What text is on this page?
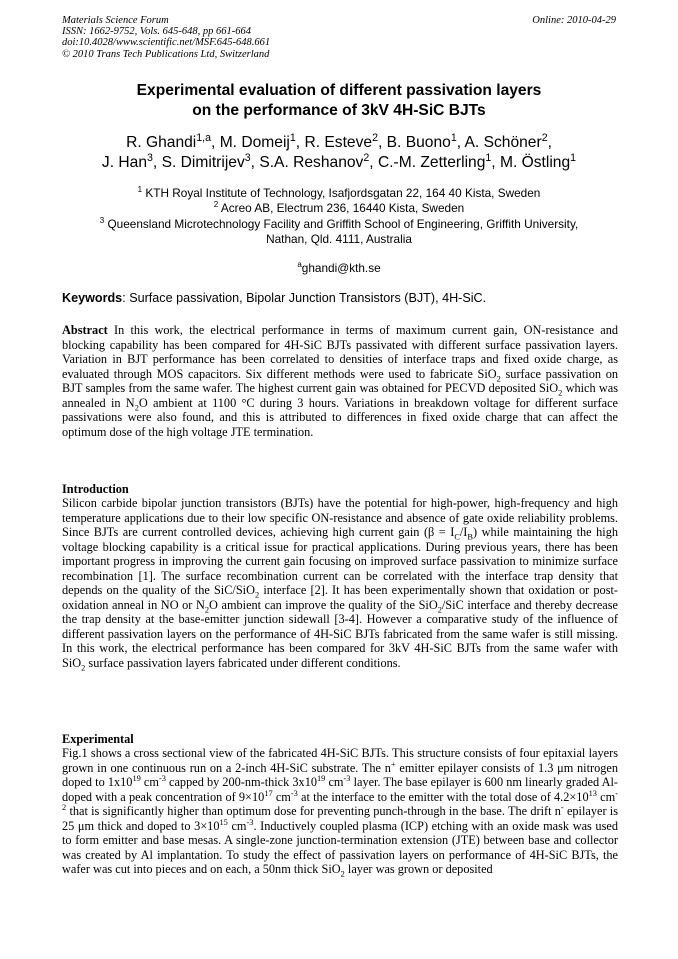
Materials Science Forum
ISSN: 1662-9752, Vols. 645-648, pp 661-664
doi:10.4028/www.scientific.net/MSF.645-648.661
© 2010 Trans Tech Publications Ltd, Switzerland
Online: 2010-04-29
Experimental evaluation of different passivation layers
on the performance of 3kV 4H-SiC BJTs
R. Ghandi$^{1,a}$, M. Domeij$^1$, R. Esteve$^2$, B. Buono$^1$, A. Schöner$^2$,
J. Han$^3$, S. Dimitrijev$^3$, S.A. Reshanov$^2$, C.-M. Zetterling$^1$, M. Östling$^1$
$^1$ KTH Royal Institute of Technology, Isafjordsgatan 22, 164 40 Kista, Sweden
$^2$ Acreo AB, Electrum 236, 16440 Kista, Sweden
$^3$ Queensland Microtechnology Facility and Griffith School of Engineering, Griffith University,
Nathan, Qld. 4111, Australia
$^a$ghandi@kth.se
Keywords: Surface passivation, Bipolar Junction Transistors (BJT), 4H-SiC.

Abstract In this work, the electrical performance in terms of maximum current gain, ON-resistance and blocking capability has been compared for 4H-SiC BJTs passivated with different surface passivation layers. Variation in BJT performance has been correlated to densities of interface traps and fixed oxide charge, as evaluated through MOS capacitors. Six different methods were used to fabricate SiO$_2$ surface passivation on BJT samples from the same wafer. The highest current gain was obtained for PECVD deposited SiO$_2$ which was annealed in $N_2O$ ambient at 1100 °C during 3 hours. Variations in breakdown voltage for different surface passivations were also found, and this is attributed to differences in fixed oxide charge that can affect the optimum dose of the high voltage JTE termination.

Introduction

Silicon carbide bipolar junction transistors (BJTs) have the potential for high-power, high-frequency and high temperature applications due to their low specific ON-resistance and absence of gate oxide reliability problems. Since BJTs are current controlled devices, achieving high current gain $(\beta = I_C/I_B)$ while maintaining the high voltage blocking capability is a critical issue for practical applications. During previous years, there has been important progress in improving the current gain focusing on improved surface passivation to minimize surface recombination [1]. The surface recombination current can be correlated with the interface trap density that depends on the quality of the SiC/SiO$_2$ interface [2]. It has been experimentally shown that oxidation or post-oxidation anneal in NO or $N_2O$ ambient can improve the quality of the SiO$_2$/SiC interface and thereby decrease the trap density at the base-emitter junction sidewall [3-4]. However a comparative study of the influence of different passivation layers on the performance of 4H-SiC BJTs fabricated from the same wafer is still missing. In this work, the electrical performance has been compared for 3kV 4H-SiC BJTs from the same wafer with SiO$_2$ surface passivation layers fabricated under different conditions.

Experimental

Fig.1 shows a cross sectional view of the fabricated 4H-SiC BJTs. This structure consists of four epitaxial layers grown in one continuous run on a 2-inch 4H-SiC substrate. The n+ emitter epilayer consists of 1.3 μm nitrogen doped to $1x10^{19}$ $cm^{-3}$ capped by 200-nm-thick $3x10^{19}$ $cm^{-3}$ layer. The base epilayer is 600 nm linearly graded Al-doped with a peak concentration of $9\times 10^{17}$ $cm^{-3}$ at the interface to the emitter with the total dose of $4.2\times 10^{13}$ $cm^{-2}$ that is significantly higher than optimum dose for preventing punch-through in the base. The drift n- epilayer is 25 μm thick and doped to $3\times 10^{15}$ $cm^{-3}$. Inductively coupled plasma (ICP) etching with an oxide mask was used to form emitter and base mesas. A single-zone junction-termination extension (JTE) between base and collector was created by Al implantation. To study the effect of passivation layers on performance of 4H-SiC BJTs, the wafer was cut into pieces and on each, a 50nm thick SiO$_2$ layer was grown or deposited
